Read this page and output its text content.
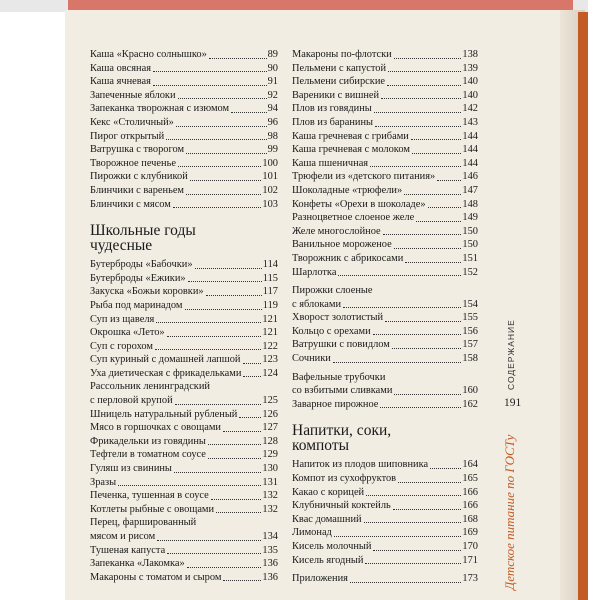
Каша «Красно солнышко»	89
Каша овсяная	90
Каша ячневая	91
Запеченные яблоки	92
Запеканка творожная с изюмом	94
Кекс «Столичный»	96
Пирог открытый	98
Ватрушка с творогом	99
Творожное печенье	100
Пирожки с клубникой	101
Блинчики с вареньем	102
Блинчики с мясом	103
Школьные годы
чудесные
Бутерброды «Бабочки»	114
Бутерброды «Ежики»	115
Закуска «Божьи коровки»	117
Рыба под маринадом	119
Суп из щавеля	121
Окрошка «Лето»	121
Суп с горохом	122
Суп куриный с домашней лапшой 123
Уха диетическая с фрикадельками 124
Рассольник ленинградский
с перловой крупой	125
Шницель натуральный рубленый 126
Мясо в горшочках с овощами	127
Фрикадельки из говядины	128
Тефтели в томатном соусе	129
Гуляш из свинины	130
Зразы	131
Печенка, тушенная в соусе	132
Котлеты рыбные с овощами	132
Перец, фаршированный
мясом и рисом	134
Тушеная капуста	135
Запеканка «Лакомка»	136
Макароны с томатом и сыром	136
Макароны по-флотски	138
Пельмени с капустой	139
Пельмени сибирские	140
Вареники с вишней	140
Плов из говядины	142
Плов из баранины	143
Каша гречневая с грибами	144
Каша гречневая с молоком	144
Каша пшеничная	144
Трюфели из «детского питания»	146
Шоколадные «трюфели»	147
Конфеты «Орехи в шоколаде»	148
Разноцветное слоеное желе	149
Желе многослойное	150
Ванильное мороженое	150
Творожник с абрикосами	151
Шарлотка	152
Пирожки слоеные
с яблоками	154
Хворост золотистый	155
Кольцо с орехами	156
Ватрушки с повидлом	157
Сочники	158
Вафельные трубочки
со взбитыми сливками	160
Заварное пирожное	162
Напитки, соки,
компоты
Напиток из плодов шиповника	164
Компот из сухофруктов	165
Какао с корицей	166
Клубничный коктейль	166
Квас домашний	168
Лимонад	169
Кисель молочный	170
Кисель ягодный	171
Приложения	173
СОДЕРЖАНИЕ
191
Детское питание по ГОСТу
